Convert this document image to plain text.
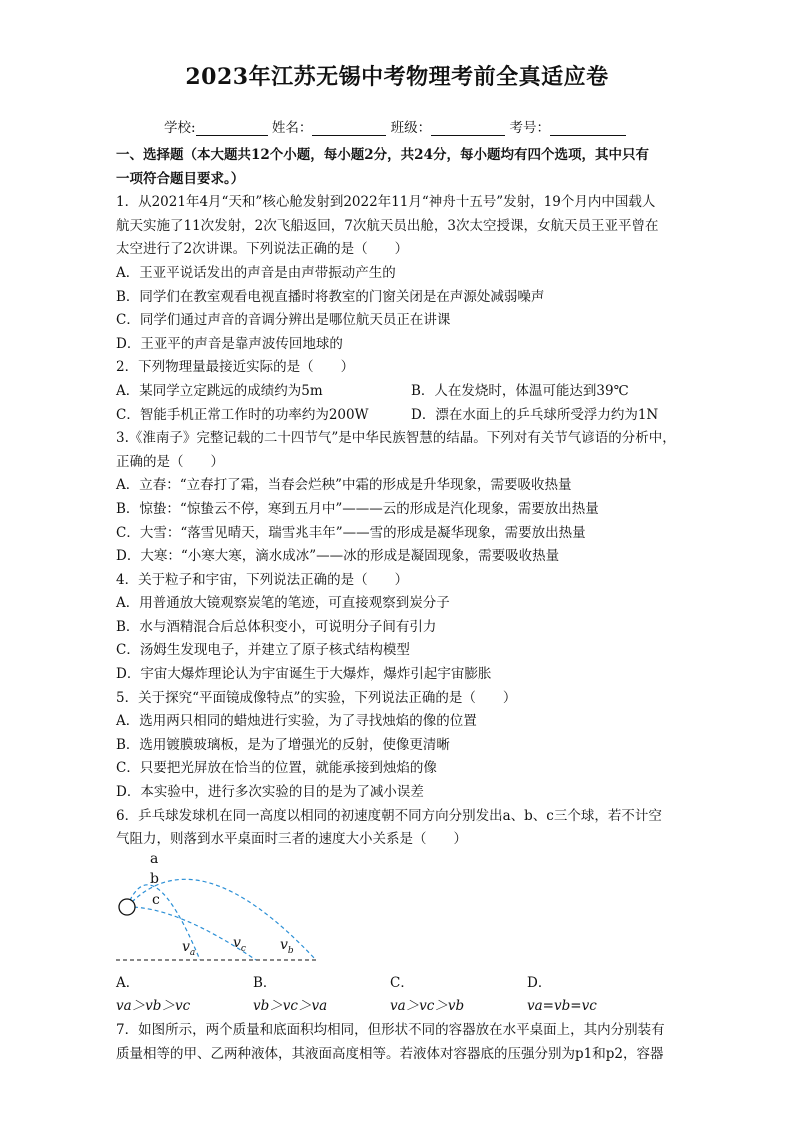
2023年江苏无锡中考物理考前全真适应卷
学校:	姓名：	班级：	考号：

一、选择题（本大题共12个小题，每小题2分，共24分，每小题均有四个选项，其中只有

一项符合题目要求。）

1．从2021年4月“天和”核心舱发射到2022年11月“神舟十五号”发射，19个月内中国载人

航天实施了11次发射，2次飞船返回，7次航天员出舱，3次太空授课，女航天员王亚平曾在

太空进行了2次讲课。下列说法正确的是（　　）

A．王亚平说话发出的声音是由声带振动产生的

B．同学们在教室观看电视直播时将教室的门窗关闭是在声源处减弱噪声

C．同学们通过声音的音调分辨出是哪位航天员正在讲课

D．王亚平的声音是靠声波传回地球的

2．下列物理量最接近实际的是（　　）

A．某同学立定跳远的成绩约为5m	B．人在发烧时，体温可能达到39℃

C．智能手机正常工作时的功率约为200W	D．漂在水面上的乒乓球所受浮力约为1N

3.《淮南子》完整记载的二十四节气”是中华民族智慧的结晶。下列对有关节气谚语的分析中，

正确的是（　　）

A．立春：“立春打了霜，当春会烂秧”中霜的形成是升华现象，需要吸收热量

B．惊蛰：“惊蛰云不停，寒到五月中”———云的形成是汽化现象，需要放出热量

C．大雪：“落雪见晴天，瑞雪兆丰年”——雪的形成是凝华现象，需要放出热量

D．大寒：“小寒大寒，滴水成冰”——冰的形成是凝固现象，需要吸收热量

4．关于粒子和宇宙，下列说法正确的是（　　）

A．用普通放大镜观察炭笔的笔迹，可直接观察到炭分子

B．水与酒精混合后总体积变小，可说明分子间有引力

C．汤姆生发现电子，并建立了原子核式结构模型

D．宇宙大爆炸理论认为宇宙诞生于大爆炸，爆炸引起宇宙膨胀

5．关于探究“平面镜成像特点”的实验，下列说法正确的是（　　）

A．选用两只相同的蜡烛进行实验，为了寻找烛焰的像的位置

B．选用镀膜玻璃板，是为了增强光的反射，使像更清晰

C．只要把光屏放在恰当的位置，就能承接到烛焰的像

D．本实验中，进行多次实验的目的是为了减小误差

6．乒乓球发球机在同一高度以相同的初速度朝不同方向分别发出a、b、c三个球，若不计空

气阻力，则落到水平桌面时三者的速度大小关系是（　　）

a
b
c
$v_a$
$v_c$ $v_b$

A．va＞vb＞vc
B．vb＞vc＞va
C．va＞vc＞vb
D．va=vb=vc

7．如图所示，两个质量和底面积均相同，但形状不同的容器放在水平桌面上，其内分别装有

质量相等的甲、乙两种液体，其液面高度相等。若液体对容器底的压强分别为p1和p2，容器
